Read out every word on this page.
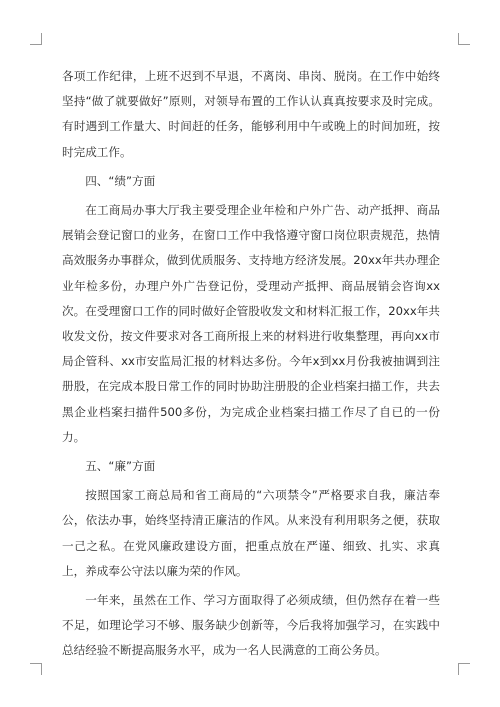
各项工作纪律，上班不迟到不早退，不离岗、串岗、脱岗。在工作中始终坚持“做了就要做好”原则，对领导布置的工作认认真真按要求及时完成。有时遇到工作量大、时间赶的任务，能够利用中午或晚上的时间加班，按时完成工作。

四、“绩”方面

在工商局办事大厅我主要受理企业年检和户外广告、动产抵押、商品展销会登记窗口的业务，在窗口工作中我恪遵守窗口岗位职责规范，热情高效服务办事群众，做到优质服务、支持地方经济发展。20xx年共办理企业年检多份，办理户外广告登记份，受理动产抵押、商品展销会咨询xx次。在受理窗口工作的同时做好企管股收发文和材料汇报工作，20xx年共收发文份，按文件要求对各工商所报上来的材料进行收集整理，再向xx市局企管科、xx市安监局汇报的材料达多份。今年x到xx月份我被抽调到注册股，在完成本股日常工作的同时协助注册股的企业档案扫描工作，共去黑企业档案扫描件500多份，为完成企业档案扫描工作尽了自已的一份力。

五、“廉”方面

按照国家工商总局和省工商局的“六项禁令”严格要求自我，廉洁奉公，依法办事，始终坚持清正廉洁的作风。从来没有利用职务之便，获取一己之私。在党风廉政建设方面，把重点放在严谨、细致、扎实、求真上，养成奉公守法以廉为荣的作风。

一年来，虽然在工作、学习方面取得了必须成绩，但仍然存在着一些不足，如理论学习不够、服务缺少创新等，今后我将加强学习，在实践中总结经验不断提高服务水平，成为一名人民满意的工商公务员。
